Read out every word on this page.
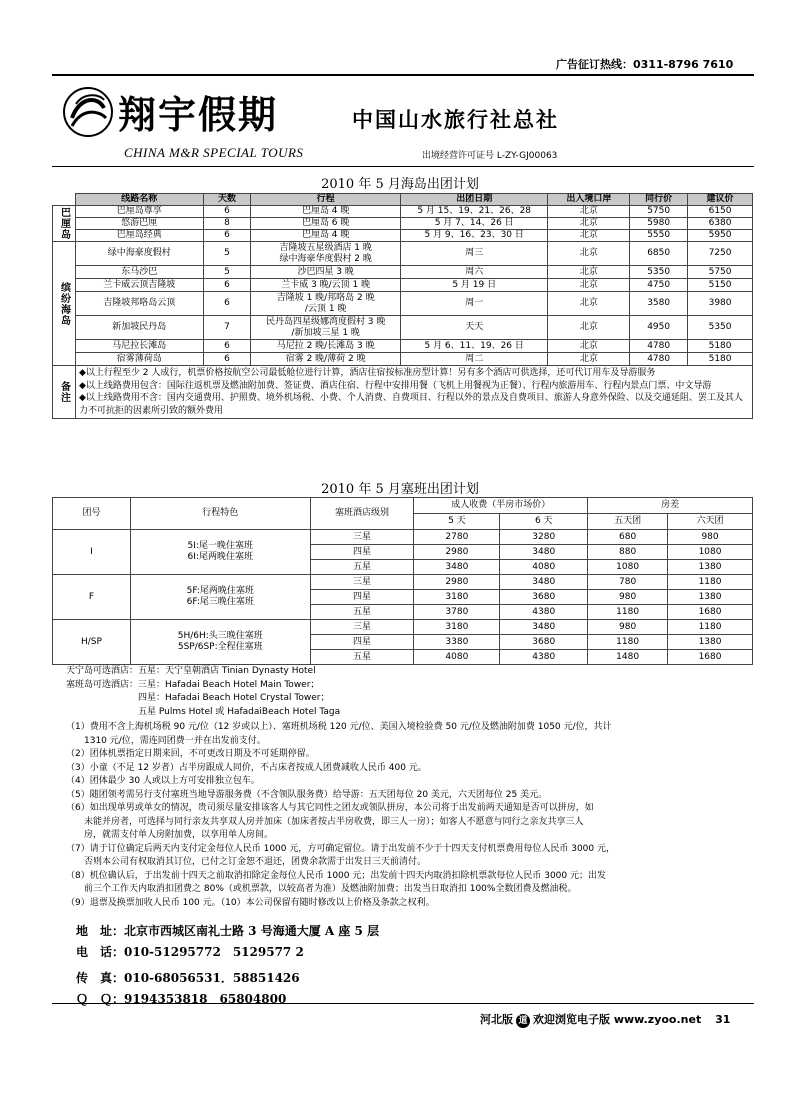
广告征订热线：0311-8796 7610
翔宇假期	中国山水旅行社总社
CHINA M&R SPECIAL TOURS	出境经营许可证号 L-ZY-GJ00063
2010 年 5 月海岛出团计划
	线路名称	天数	行程	出团日期	出入境口岸	同行价	建议价
巴厘岛	巴厘岛尊享	6	巴厘岛 4 晚	5 月 15、19、21、26、28	北京	5750	6150
	悠游巴厘	8	巴厘岛 6 晚	5 月 7、14、26 日	北京	5980	6380
	巴厘岛经典	6	巴厘岛 4 晚	5 月 9、16、23、30 日	北京	5550	5950
缤纷海岛	绿中海豪度假村	5	吉隆坡五星级酒店 1 晚
绿中海豪华度假村 2 晚	周三	北京	6850	7250
	东马沙巴	5	沙巴四星 3 晚	周六	北京	5350	5750
	兰卡威云顶吉隆坡	6	兰卡威 3 晚/云顶 1 晚	5 月 19 日	北京	4750	5150
	吉隆坡邦咯岛云顶	6	吉隆坡 1 晚/邦咯岛 2 晚
/云顶 1 晚	周一	北京	3580	3980
	新加坡民丹岛	7	民丹岛四星级娜湾度假村 3 晚
/新加坡三星 1 晚	天天	北京	4950	5350
	马尼拉长滩岛	6	马尼拉 2 晚/长滩岛 3 晚	5 月 6、11、19、26 日	北京	4780	5180
	宿雾薄荷岛	6	宿雾 2 晚/薄荷 2 晚	周二	北京	4780	5180
备注	◆以上行程至少 2 人成行，机票价格按航空公司最低舱位进行计算，酒店住宿按标准房型计算！另有多个酒店可供选择，还可代订用车及导游服务
◆以上线路费用包含：国际往返机票及燃油附加费、签证费、酒店住宿、行程中安排用餐（飞机上用餐视为正餐）、行程内旅游用车、行程内景点门票、中文导游
◆以上线路费用不含：国内交通费用、护照费、境外机场税、小费、个人消费、自费项目、行程以外的景点及自费项目、旅游人身意外保险、以及交通延阻、罢工及其人力不可抗拒的因素所引致的额外费用						
2010 年 5 月塞班出团计划
团号	行程特色	塞班酒店级别	成人收费（半房市场价）		房差	
			5 天	6 天	五天团	六天团
I	5I:尾一晚住塞班
6I:尾两晚住塞班	三星	2780	3280	680	980
		四星	2980	3480	880	1080
		五星	3480	4080	1080	1380
F	5F:尾两晚住塞班
6F:尾三晚住塞班	三星	2980	3480	780	1180
		四星	3180	3680	980	1380
		五星	3780	4380	1180	1680
H/SP	5H/6H:头三晚住塞班
5SP/6SP:全程住塞班	三星	3180	3480	980	1180
		四星	3380	3680	1180	1380
		五星	4080	4380	1480	1680
天宁岛可选酒店：五星：天宁皇朝酒店 Tinian Dynasty Hotel
塞班岛可选酒店：三星：Hafadai Beach Hotel Main Tower；
　　　　　　　　四星：Hafadai Beach Hotel Crystal Tower；
　　　　　　　　五星 Pulms Hotel 或 HafadaiBeach Hotel Taga
（1）费用不含上海机场税 90 元/位（12 岁或以上）、塞班机场税 120 元/位、美国入境检验费 50 元/位及燃油附加费 1050 元/位，共计
　　1310 元/位，需连同团费一并在出发前支付。
（2）团体机票指定日期来回，不可更改日期及不可延期停留。
（3）小童（不足 12 岁者）占半房跟成人同价，不占床者按成人团费减收人民币 400 元。
（4）团体最少 30 人或以上方可安排独立包车。
（5）随团领考需另行支付塞班当地导游服务费（不含领队服务费）给导游：五天团每位 20 美元，六天团每位 25 美元。
（6）如出现单男或单女的情况，贵司须尽量安排该客人与其它同性之团友或领队拼房，本公司将于出发前两天通知是否可以拼房，如
　　未能并房者，可选择与同行亲友共享双人房并加床（加床者按占半房收费，即三人一房）；如客人不愿意与同行之亲友共享三人
　　房，就需支付单人房附加费，以享用单人房间。
（7）请于订位确定后两天内支付定金每位人民币 1000 元，方可确定留位。请于出发前不少于十四天支付机票费用每位人民币 3000 元，
　　否则本公司有权取消其订位，已付之订金恕不退还，团费余款需于出发日三天前清付。
（8）机位确认后，于出发前十四天之前取消扣除定金每位人民币 1000 元；出发前十四天内取消扣除机票款每位人民币 3000 元；出发
　　前三个工作天内取消扣团费之 80%（或机票款，以较高者为准）及燃油附加费；出发当日取消扣 100%全数团费及燃油税。
（9）退票及换票加收人民币 100 元。（10）本公司保留有随时修改以上价格及条款之权利。
地　址：北京市西城区南礼士路 3 号海通大厦 A 座 5 层
电　话：010-51295772　5129577 2
传　真：010-68056531．58851426
Ｑ　Ｑ：9194353818　65804800
河北版 道 欢迎浏览电子版 www.zyoo.net 31
